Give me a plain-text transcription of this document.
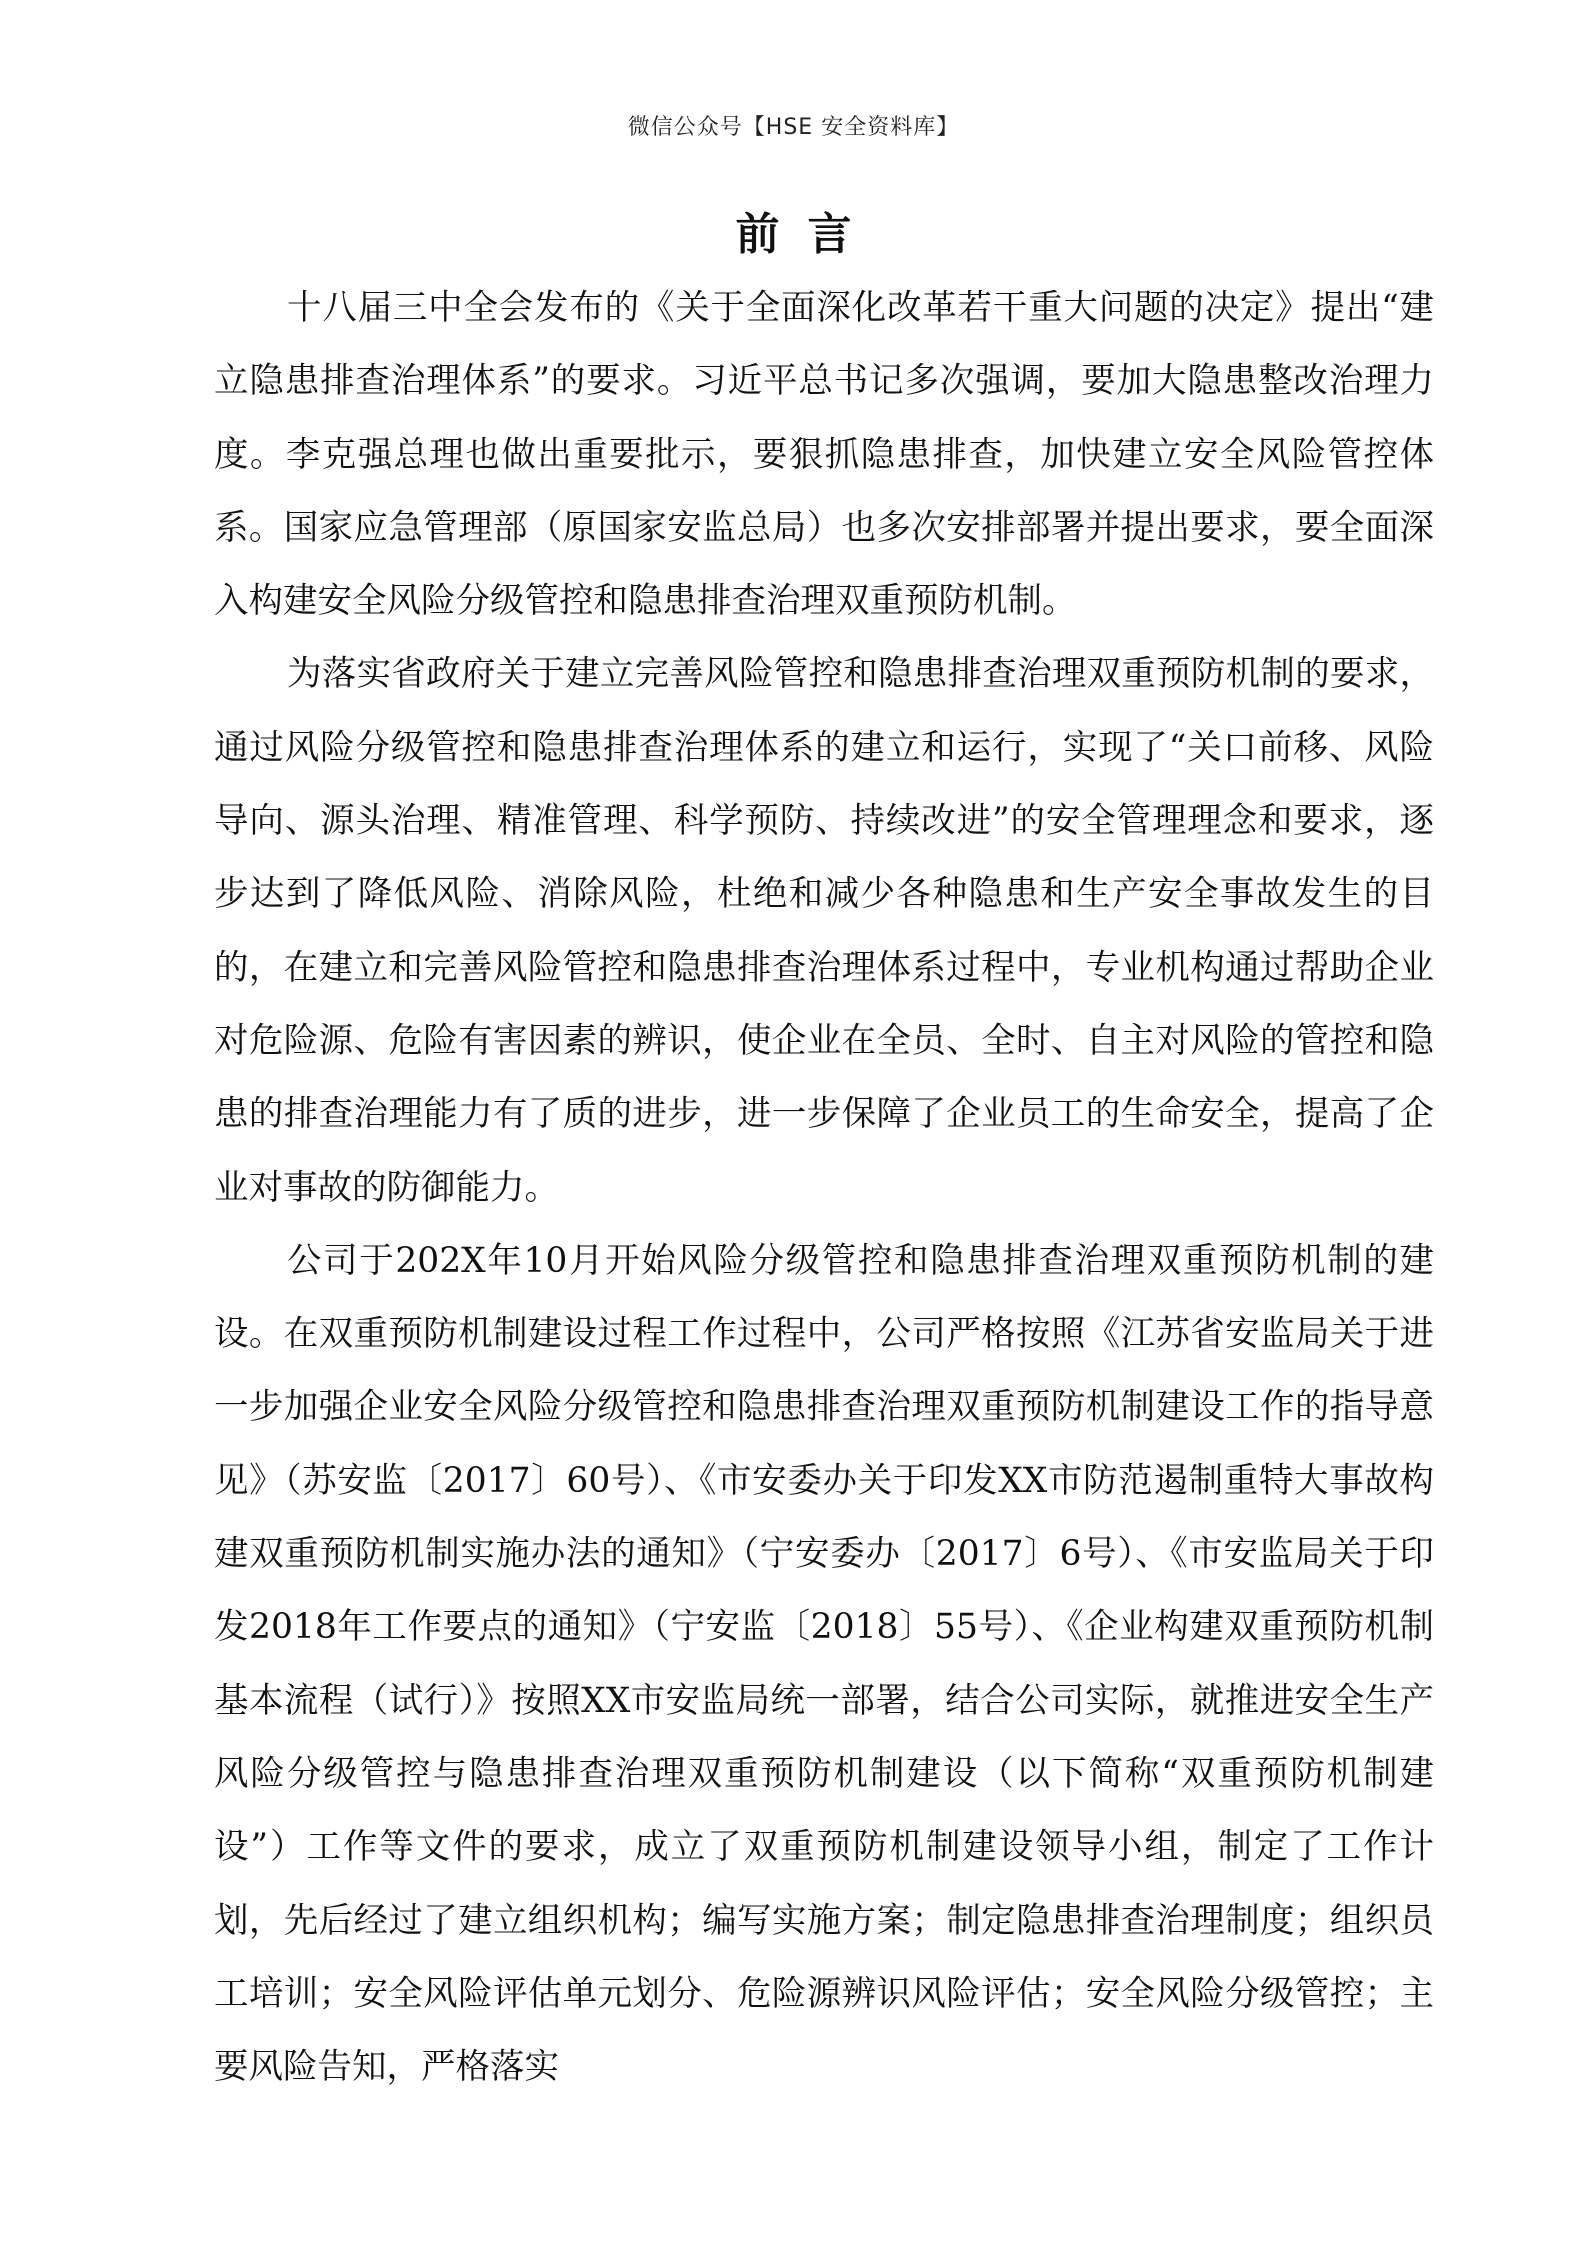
微信公众号【HSE 安全资料库】
前言

十八届三中全会发布的《关于全面深化改革若干重大问题的决定》提出“建立隐患排查治理体系”的要求。习近平总书记多次强调，要加大隐患整改治理力度。李克强总理也做出重要批示，要狠抓隐患排查，加快建立安全风险管控体系。国家应急管理部（原国家安监总局）也多次安排部署并提出要求，要全面深入构建安全风险分级管控和隐患排查治理双重预防机制。

为落实省政府关于建立完善风险管控和隐患排查治理双重预防机制的要求，通过风险分级管控和隐患排查治理体系的建立和运行，实现了“关口前移、风险导向、源头治理、精准管理、科学预防、持续改进”的安全管理理念和要求，逐步达到了降低风险、消除风险，杜绝和减少各种隐患和生产安全事故发生的目的，在建立和完善风险管控和隐患排查治理体系过程中，专业机构通过帮助企业对危险源、危险有害因素的辨识，使企业在全员、全时、自主对风险的管控和隐患的排查治理能力有了质的进步，进一步保障了企业员工的生命安全，提高了企业对事故的防御能力。

公司于202X年10月开始风险分级管控和隐患排查治理双重预防机制的建设。在双重预防机制建设过程工作过程中，公司严格按照《江苏省安监局关于进一步加强企业安全风险分级管控和隐患排查治理双重预防机制建设工作的指导意见》（苏安监〔2017〕60号）、《市安委办关于印发XX市防范遏制重特大事故构建双重预防机制实施办法的通知》（宁安委办〔2017〕6号）、《市安监局关于印发2018年工作要点的通知》（宁安监〔2018〕55号）、《企业构建双重预防机制基本流程（试行）》按照XX市安监局统一部署，结合公司实际，就推进安全生产风险分级管控与隐患排查治理双重预防机制建设（以下简称“双重预防机制建设”）工作等文件的要求，成立了双重预防机制建设领导小组，制定了工作计划，先后经过了建立组织机构；编写实施方案；制定隐患排查治理制度；组织员工培训；安全风险评估单元划分、危险源辨识风险评估；安全风险分级管控；主要风险告知，严格落实
